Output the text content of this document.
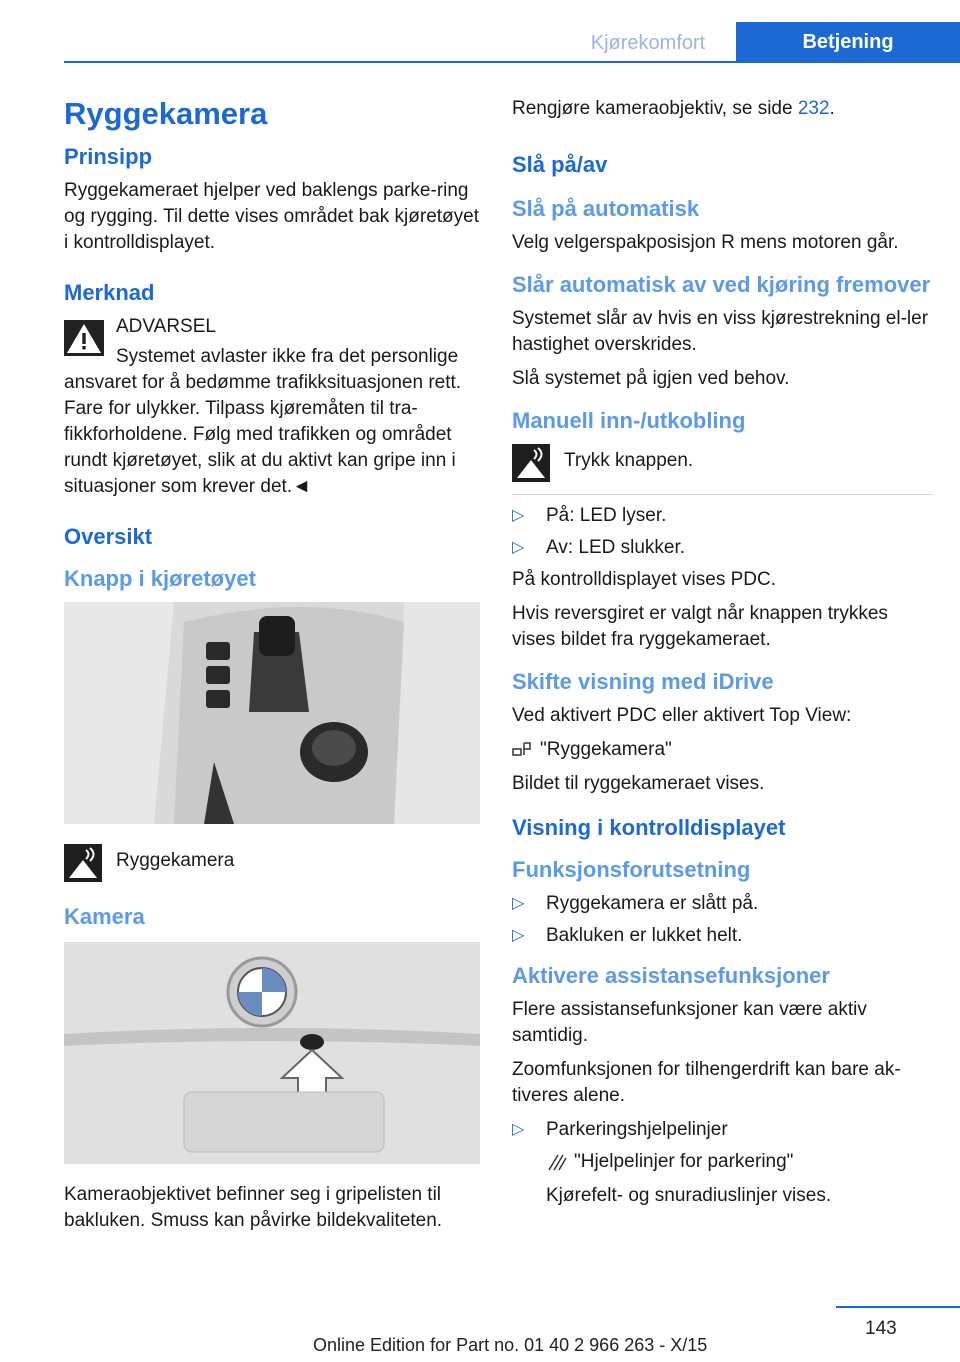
Kjørekomfort	Betjening
Ryggekamera
Prinsipp

Ryggekameraet hjelper ved baklengs parke-ring og rygging. Til dette vises området bak kjøretøyet i kontrolldisplayet.

Merknad

ADVARSEL

Systemet avlaster ikke fra det personlige ansvaret for å bedømme trafikksituasjonen rett. Fare for ulykker. Tilpass kjøremåten til tra-fikkforholdene. Følg med trafikken og området rundt kjøretøyet, slik at du aktivt kan gripe inn i situasjoner som krever det.◄

Oversikt
Knapp i kjøretøyet

Ryggekamera

Kamera

Kameraobjektivet befinner seg i gripelisten til bakluken. Smuss kan påvirke bildekvaliteten.

Rengjøre kameraobjektiv, se side 232.

Slå på/av
Slå på automatisk

Velg velgerspakposisjon R mens motoren går.

Slår automatisk av ved kjøring fremover

Systemet slår av hvis en viss kjørestrekning el-ler hastighet overskrides.

Slå systemet på igjen ved behov.

Manuell inn-/utkobling

Trykk knappen.

▷ På: LED lyser.
▷ Av: LED slukker.

På kontrolldisplayet vises PDC.

Hvis reversgiret er valgt når knappen trykkes vises bildet fra ryggekameraet.

Skifte visning med iDrive

Ved aktivert PDC eller aktivert Top View:

"Ryggekamera"

Bildet til ryggekameraet vises.

Visning i kontrolldisplayet
Funksjonsforutsetning
▷ Ryggekamera er slått på.
▷ Bakluken er lukket helt.
Aktivere assistansefunksjoner

Flere assistansefunksjoner kan være aktiv samtidig.

Zoomfunksjonen for tilhengerdrift kan bare ak-tiveres alene.

▷ Parkeringshjelpelinjer
"Hjelpelinjer for parkering"

Kjørefelt- og snuradiuslinjer vises.

143
Online Edition for Part no. 01 40 2 966 263 - X/15
